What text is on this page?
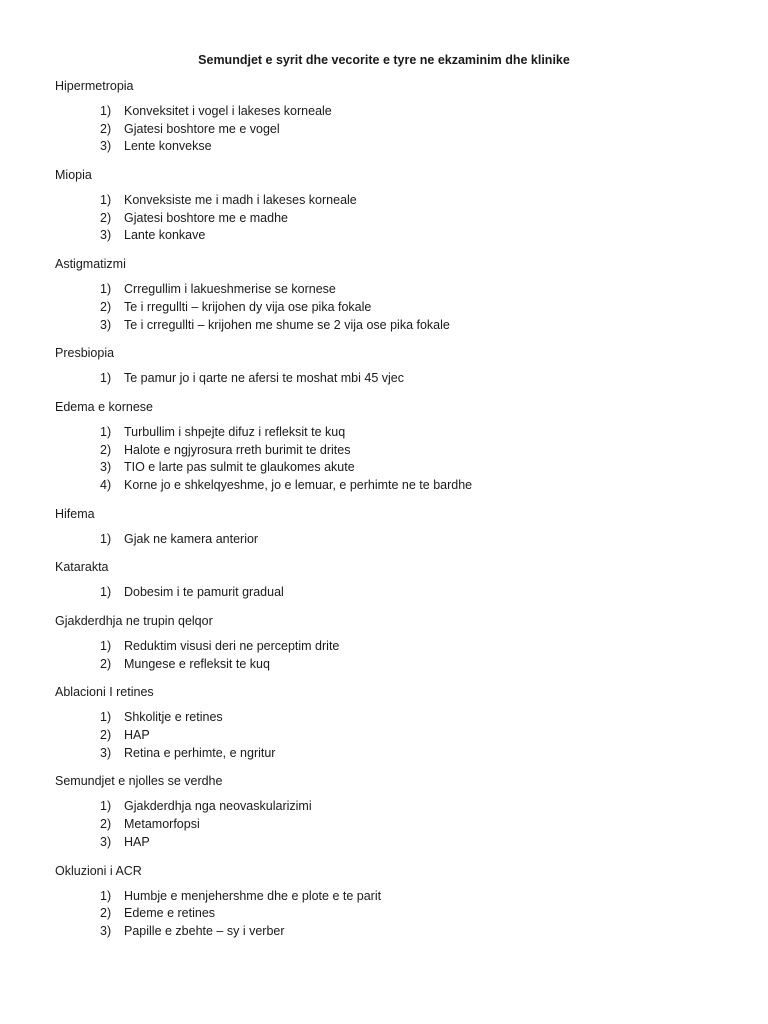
Semundjet e syrit dhe vecorite e tyre ne ekzaminim dhe klinike
Hipermetropia
1) Konveksitet i vogel i lakeses korneale
2) Gjatesi boshtore me e vogel
3) Lente konvekse
Miopia
1) Konveksiste me i madh i lakeses korneale
2) Gjatesi boshtore me e madhe
3) Lante konkave
Astigmatizmi
1) Crregullim i lakueshmerise se kornese
2) Te i rregullti – krijohen dy vija ose pika fokale
3) Te i crregullti – krijohen me shume se 2 vija ose pika fokale
Presbiopia
1) Te pamur jo i qarte ne afersi te moshat mbi 45 vjec
Edema e kornese
1) Turbullim i shpejte difuz i refleksit te kuq
2) Halote e ngjyrosura rreth burimit te drites
3) TIO e larte pas sulmit te glaukomes akute
4) Korne jo e shkelqyeshme, jo e lemuar, e perhimte ne te bardhe
Hifema
1) Gjak ne kamera anterior
Katarakta
1) Dobesim i te pamurit gradual
Gjakderdhja ne trupin qelqor
1) Reduktim visusi deri ne perceptim drite
2) Mungese e refleksit te kuq
Ablacioni I retines
1) Shkolitje e retines
2) HAP
3) Retina e perhimte, e ngritur
Semundjet e njolles se verdhe
1) Gjakderdhja nga neovaskularizimi
2) Metamorfopsi
3) HAP
Okluzioni i ACR
1) Humbje e menjehershme dhe e plote e te parit
2) Edeme e retines
3) Papille e zbehte – sy i verber
